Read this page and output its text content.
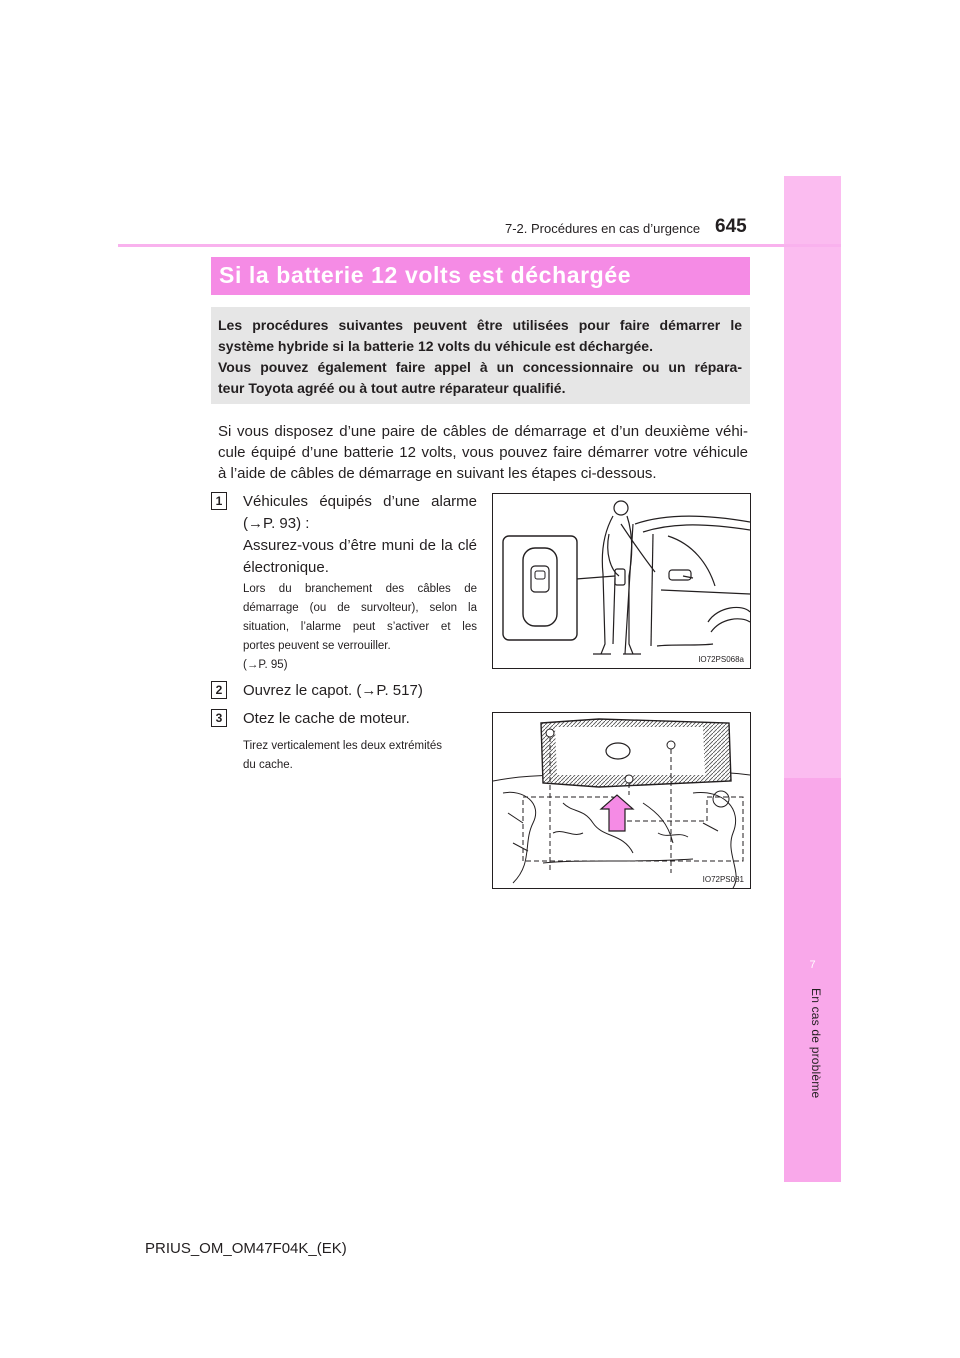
7
En cas de problème
7-2. Procédures en cas d’urgence 645
Si la batterie 12 volts est déchargée
Les procédures suivantes peuvent être utilisées pour faire démarrer le
système hybride si la batterie 12 volts du véhicule est déchargée.
Vous pouvez également faire appel à un concessionnaire ou un répara-
teur Toyota agréé ou à tout autre réparateur qualifié.
Si vous disposez d’une paire de câbles de démarrage et d’un deuxième véhi-
cule équipé d’une batterie 12 volts, vous pouvez faire démarrer votre véhicule
à l’aide de câbles de démarrage en suivant les étapes ci-dessous.
1	Véhicules équipés d’une alarme
(→P. 93) :
Assurez-vous d’être muni de la clé
électronique.
Lors du branchement des câbles de
démarrage (ou de survolteur), selon la
situation, l’alarme peut s’activer et les
portes peuvent se verrouiller.
(→P. 95)	IO72PS068a
2	Ouvrez le capot. (→P. 517)
3	Otez le cache de moteur.
Tirez verticalement les deux extrémités
du cache.
IO72PS081
PRIUS_OM_OM47F04K_(EK)
